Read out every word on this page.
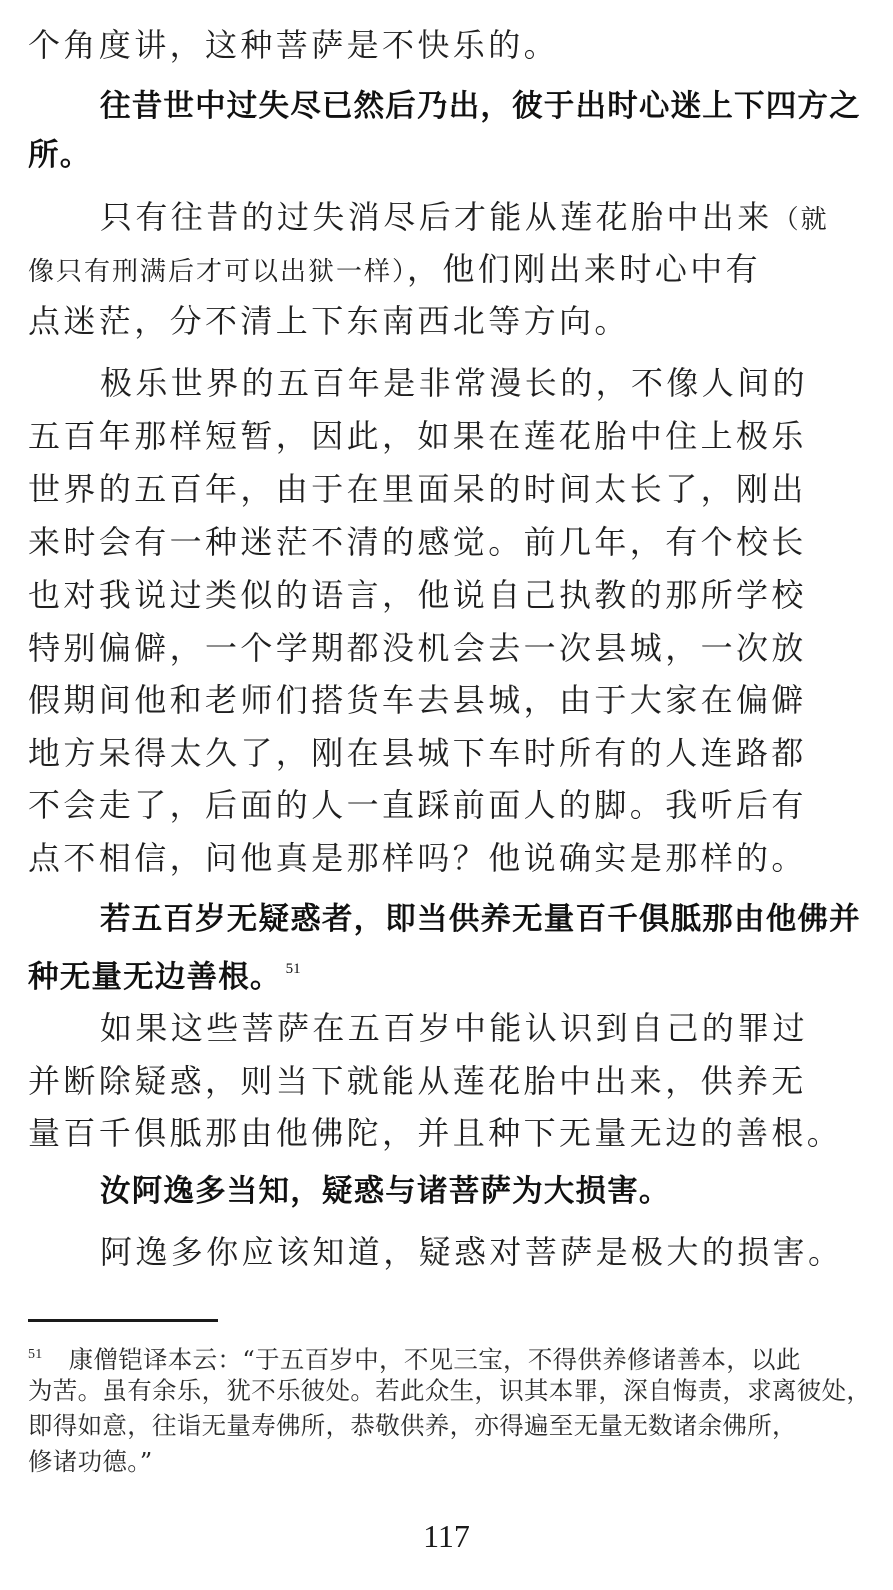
个角度讲，这种菩萨是不快乐的。
往昔世中过失尽已然后乃出，彼于出时心迷上下四方之
所。
只有往昔的过失消尽后才能从莲花胎中出来（就
像只有刑满后才可以出狱一样），他们刚出来时心中有
点迷茫，分不清上下东南西北等方向。
极乐世界的五百年是非常漫长的，不像人间的
五百年那样短暂，因此，如果在莲花胎中住上极乐
世界的五百年，由于在里面呆的时间太长了，刚出
来时会有一种迷茫不清的感觉。前几年，有个校长
也对我说过类似的语言，他说自己执教的那所学校
特别偏僻，一个学期都没机会去一次县城，一次放
假期间他和老师们搭货车去县城，由于大家在偏僻
地方呆得太久了，刚在县城下车时所有的人连路都
不会走了，后面的人一直踩前面人的脚。我听后有
点不相信，问他真是那样吗？他说确实是那样的。
若五百岁无疑惑者，即当供养无量百千俱胝那由他佛并
种无量无边善根。 $^{51}$
如果这些菩萨在五百岁中能认识到自己的罪过
并断除疑惑，则当下就能从莲花胎中出来，供养无
量百千俱胝那由他佛陀，并且种下无量无边的善根。
汝阿逸多当知，疑惑与诸菩萨为大损害。
阿逸多你应该知道，疑惑对菩萨是极大的损害。
$^{51}$ 康僧铠译本云：“于五百岁中，不见三宝，不得供养修诸善本，以此
为苦。虽有余乐，犹不乐彼处。若此众生，识其本罪，深自悔责，求离彼处，
即得如意，往诣无量寿佛所，恭敬供养，亦得遍至无量无数诸余佛所，
修诸功德。”
117
